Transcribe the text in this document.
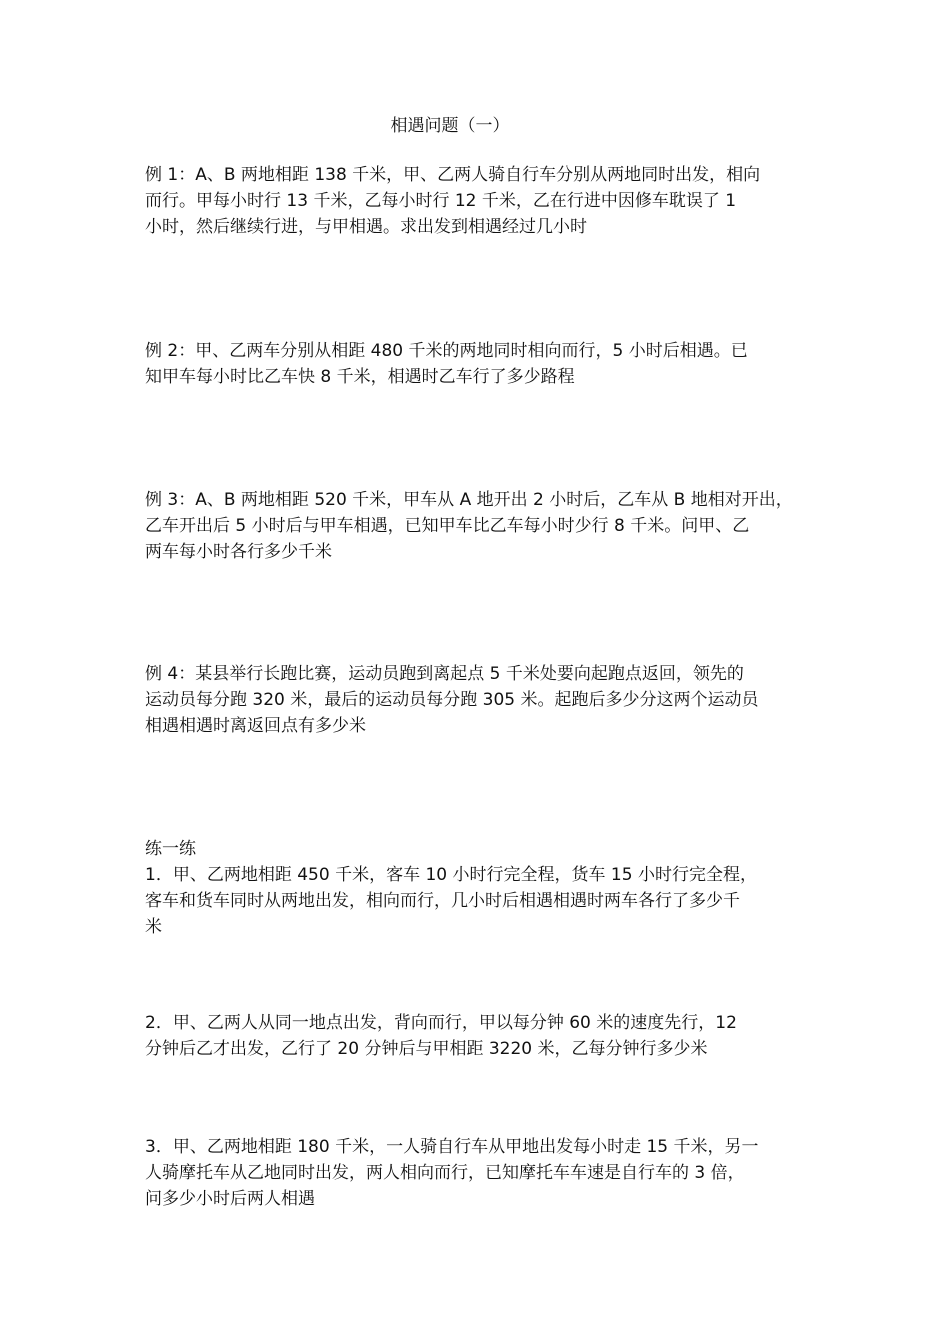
相遇问题（一）
例 1：A、B 两地相距 138 千米，甲、乙两人骑自行车分别从两地同时出发，相向
而行。甲每小时行 13 千米，乙每小时行 12 千米，乙在行进中因修车耽误了 1
小时，然后继续行进，与甲相遇。求出发到相遇经过几小时
例 2：甲、乙两车分别从相距 480 千米的两地同时相向而行，5 小时后相遇。已
知甲车每小时比乙车快 8 千米，相遇时乙车行了多少路程
例 3：A、B 两地相距 520 千米，甲车从 A 地开出 2 小时后，乙车从 B 地相对开出，
乙车开出后 5 小时后与甲车相遇，已知甲车比乙车每小时少行 8 千米。问甲、乙
两车每小时各行多少千米
例 4：某县举行长跑比赛，运动员跑到离起点 5 千米处要向起跑点返回，领先的
运动员每分跑 320 米，最后的运动员每分跑 305 米。起跑后多少分这两个运动员
相遇相遇时离返回点有多少米
练一练
1．甲、乙两地相距 450 千米，客车 10 小时行完全程，货车 15 小时行完全程，
客车和货车同时从两地出发，相向而行，几小时后相遇相遇时两车各行了多少千
米
2．甲、乙两人从同一地点出发，背向而行，甲以每分钟 60 米的速度先行，12
分钟后乙才出发，乙行了 20 分钟后与甲相距 3220 米，乙每分钟行多少米
3．甲、乙两地相距 180 千米，一人骑自行车从甲地出发每小时走 15 千米，另一
人骑摩托车从乙地同时出发，两人相向而行，已知摩托车车速是自行车的 3 倍，
问多少小时后两人相遇
